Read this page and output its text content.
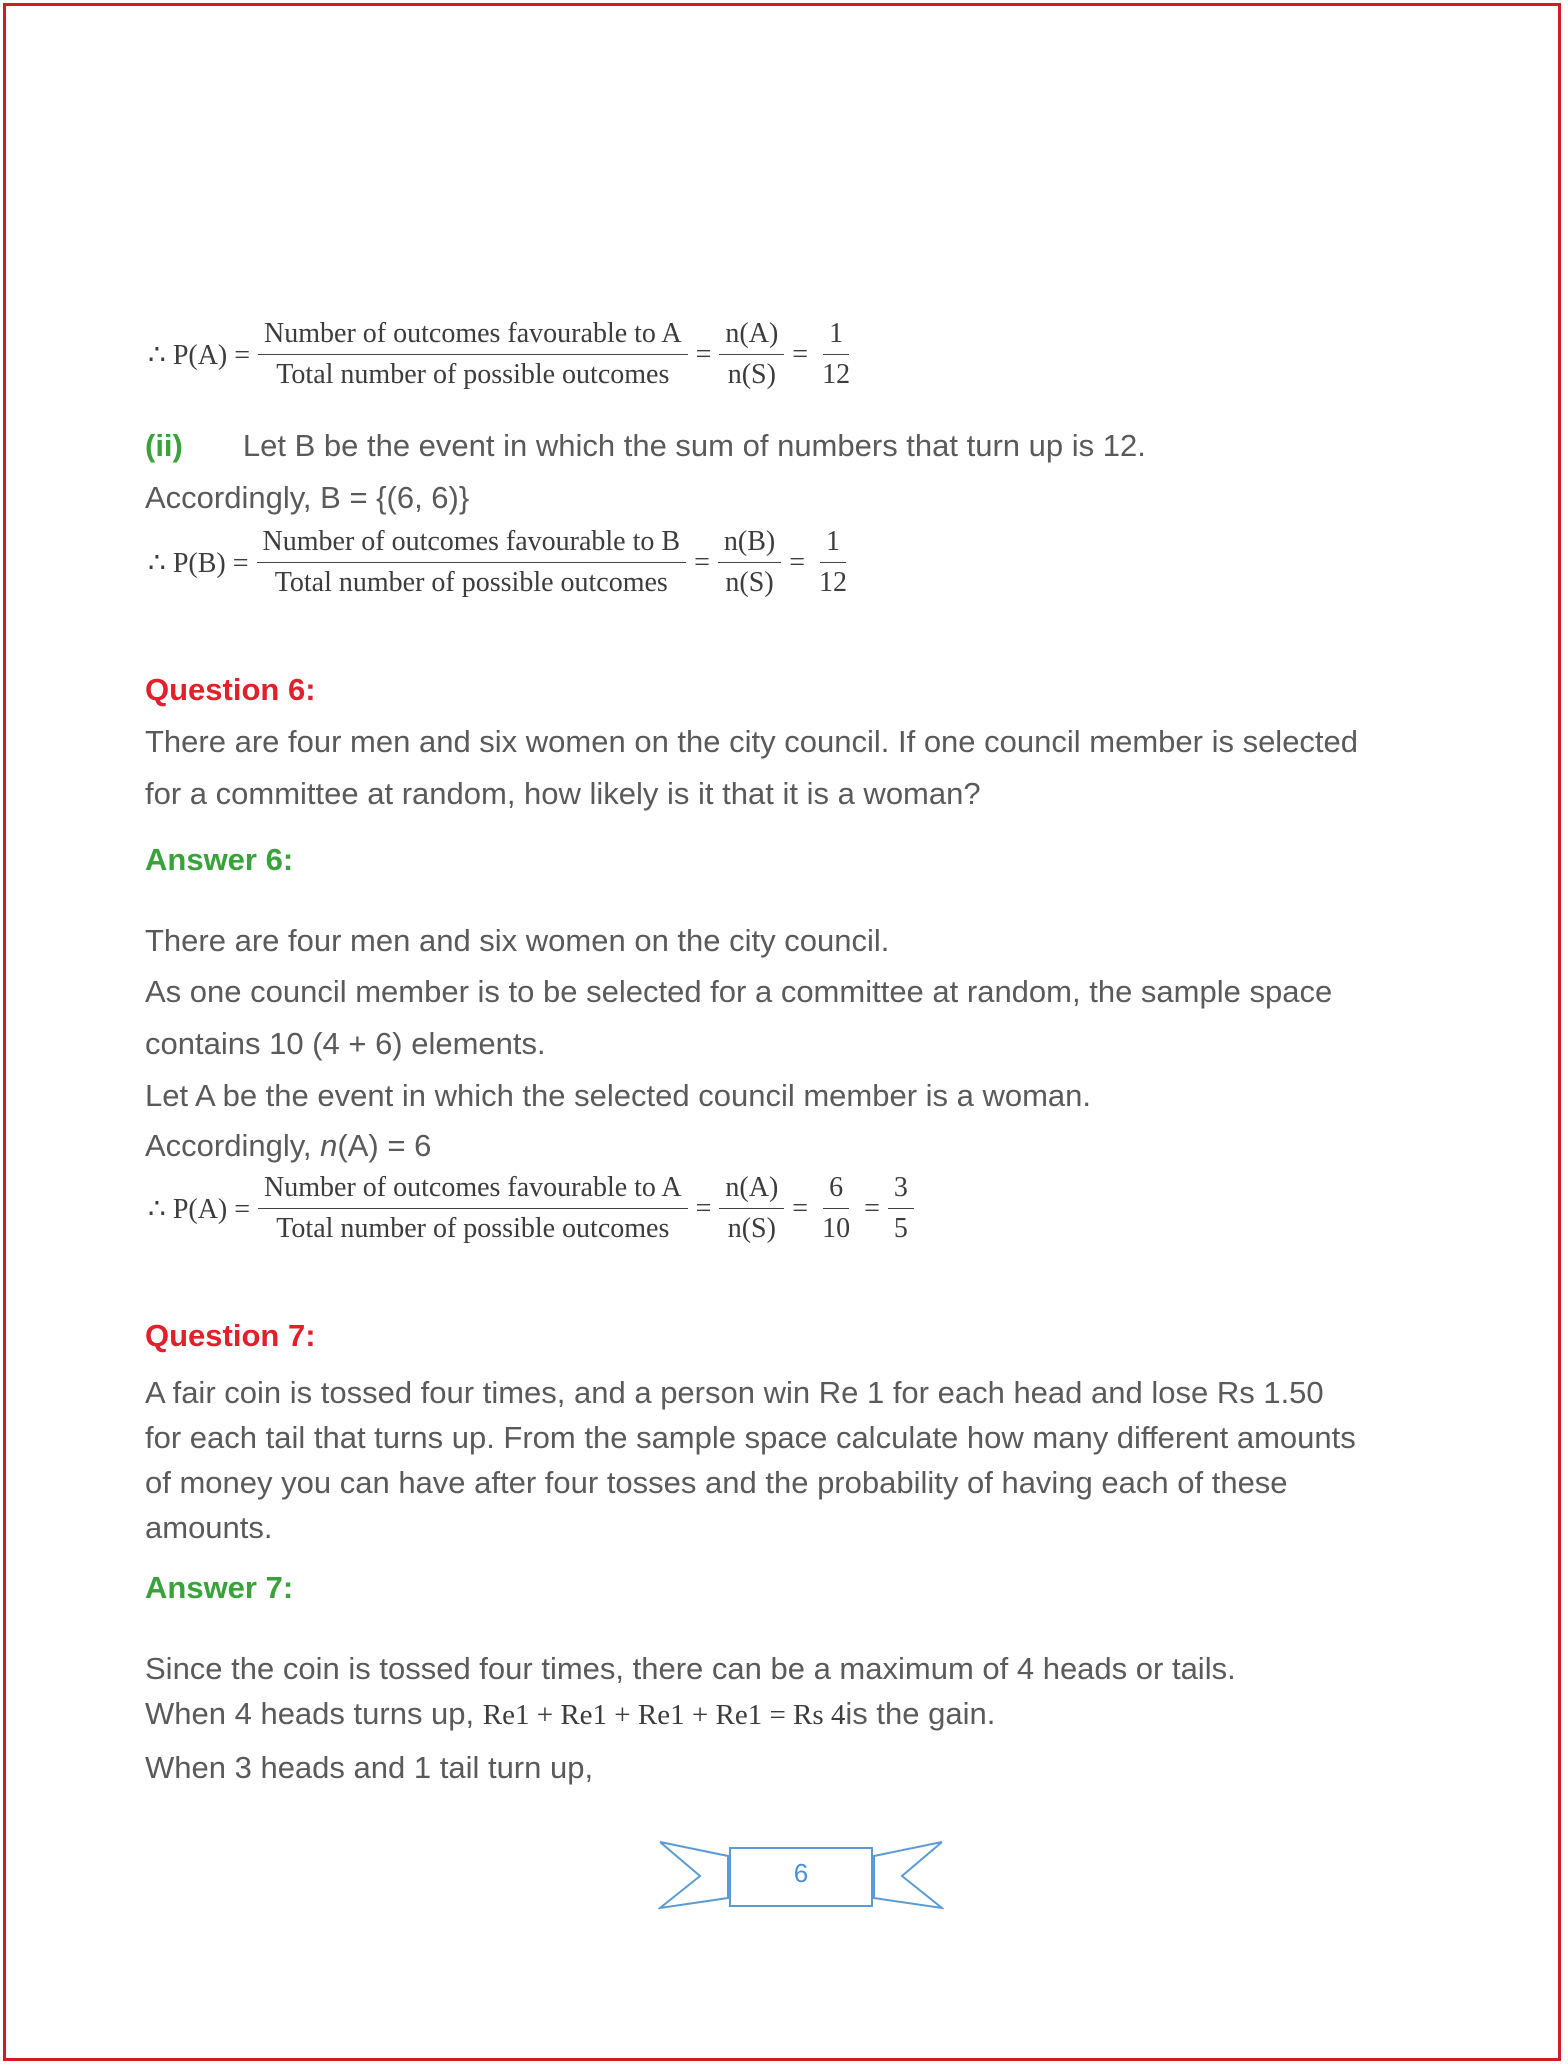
∴ $P(A) = \frac{\text{Number of outcomes favourable to A}}{\text{Total number of possible outcomes}} = \frac{n(A)}{n(S)} = \frac{1}{12}$
(ii) Let B be the event in which the sum of numbers that turn up is 12.
Accordingly, B = {(6, 6)}
∴ $P(B) = \frac{\text{Number of outcomes favourable to B}}{\text{Total number of possible outcomes}} = \frac{n(B)}{n(S)} = \frac{1}{12}$
Question 6:
There are four men and six women on the city council. If one council member is selected
for a committee at random, how likely is it that it is a woman?
Answer 6:
There are four men and six women on the city council.
As one council member is to be selected for a committee at random, the sample space
contains 10 (4 + 6) elements.
Let A be the event in which the selected council member is a woman.
Accordingly, n(A) = 6
∴ $P(A) = \frac{\text{Number of outcomes favourable to A}}{\text{Total number of possible outcomes}} = \frac{n(A)}{n(S)} = \frac{6}{10} = \frac{3}{5}$
Question 7:
A fair coin is tossed four times, and a person win Re 1 for each head and lose Rs 1.50
for each tail that turns up. From the sample space calculate how many different amounts
of money you can have after four tosses and the probability of having each of these
amounts.
Answer 7:
Since the coin is tossed four times, there can be a maximum of 4 heads or tails.
When 4 heads turns up, Re1 + Re1 + Re1 + Re1 = Rs 4is the gain.
When 3 heads and 1 tail turn up,
6
